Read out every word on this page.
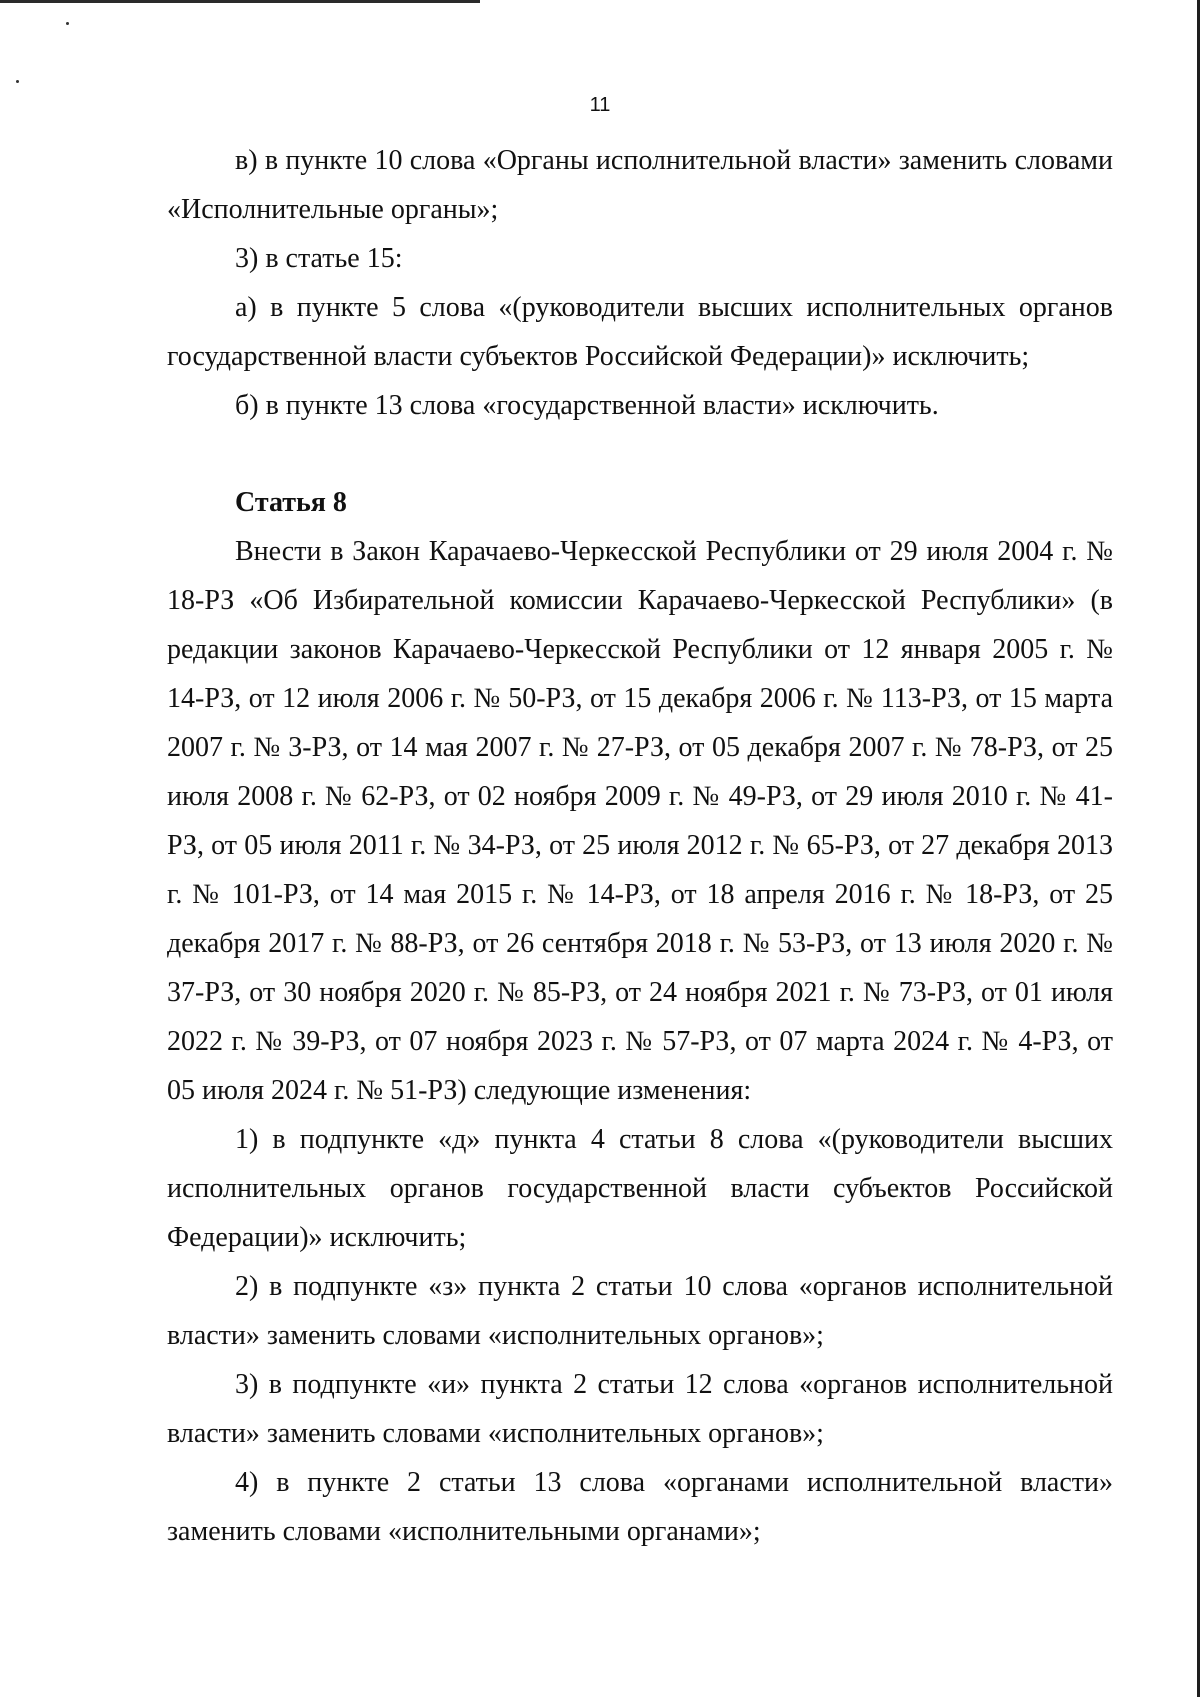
11

в) в пункте 10 слова «Органы исполнительной власти» заменить словами «Исполнительные органы»;

3) в статье 15:

а) в пункте 5 слова «(руководители высших исполнительных органов государственной власти субъектов Российской Федерации)» исключить;

б) в пункте 13 слова «государственной власти» исключить.

Статья 8

Внести в Закон Карачаево-Черкесской Республики от 29 июля 2004 г. № 18-РЗ «Об Избирательной комиссии Карачаево-Черкесской Республики» (в редакции законов Карачаево-Черкесской Республики от 12 января 2005 г. № 14-РЗ, от 12 июля 2006 г. № 50-РЗ, от 15 декабря 2006 г. № 113-РЗ, от 15 марта 2007 г. № 3-РЗ, от 14 мая 2007 г. № 27-РЗ, от 05 декабря 2007 г. № 78-РЗ, от 25 июля 2008 г. № 62-РЗ, от 02 ноября 2009 г. № 49-РЗ, от 29 июля 2010 г. № 41-РЗ, от 05 июля 2011 г. № 34-РЗ, от 25 июля 2012 г. № 65-РЗ, от 27 декабря 2013 г. № 101-РЗ, от 14 мая 2015 г. № 14-РЗ, от 18 апреля 2016 г. № 18-РЗ, от 25 декабря 2017 г. № 88-РЗ, от 26 сентября 2018 г. № 53-РЗ, от 13 июля 2020 г. № 37-РЗ, от 30 ноября 2020 г. № 85-РЗ, от 24 ноября 2021 г. № 73-РЗ, от 01 июля 2022 г. № 39-РЗ, от 07 ноября 2023 г. № 57-РЗ, от 07 марта 2024 г. № 4-РЗ, от 05 июля 2024 г. № 51-РЗ) следующие изменения:

1) в подпункте «д» пункта 4 статьи 8 слова «(руководители высших исполнительных органов государственной власти субъектов Российской Федерации)» исключить;

2) в подпункте «з» пункта 2 статьи 10 слова «органов исполнительной власти» заменить словами «исполнительных органов»;

3) в подпункте «и» пункта 2 статьи 12 слова «органов исполнительной власти» заменить словами «исполнительных органов»;

4) в пункте 2 статьи 13 слова «органами исполнительной власти» заменить словами «исполнительными органами»;
